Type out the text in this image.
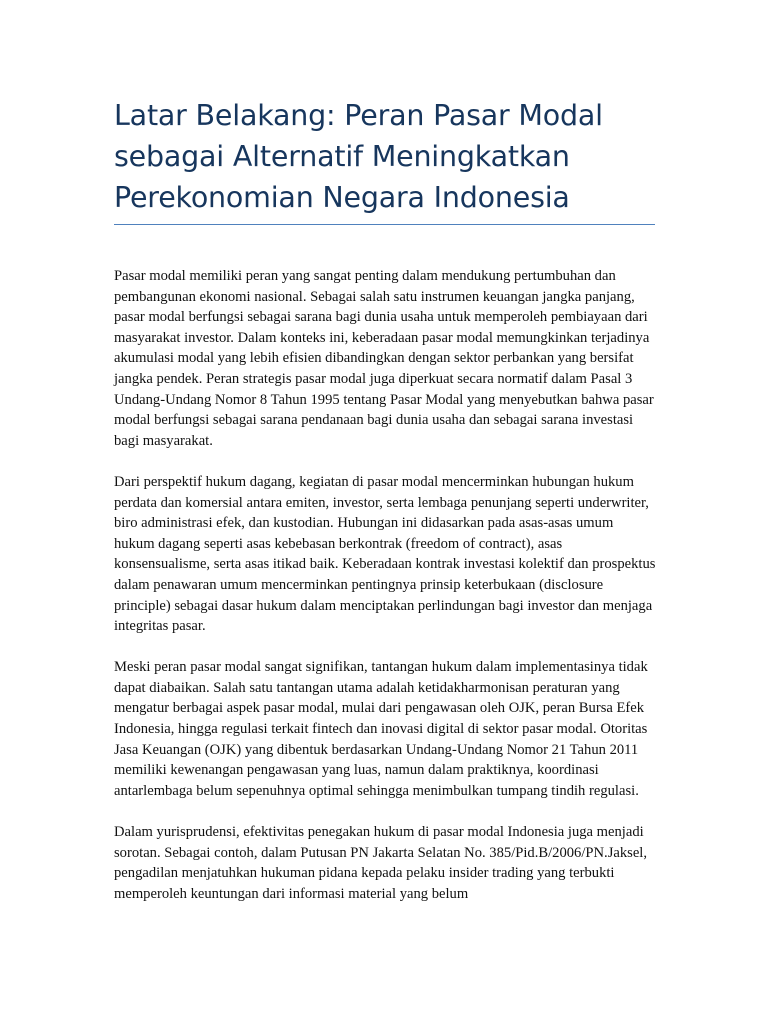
Latar Belakang: Peran Pasar Modal sebagai Alternatif Meningkatkan Perekonomian Negara Indonesia

Pasar modal memiliki peran yang sangat penting dalam mendukung pertumbuhan dan pembangunan ekonomi nasional. Sebagai salah satu instrumen keuangan jangka panjang, pasar modal berfungsi sebagai sarana bagi dunia usaha untuk memperoleh pembiayaan dari masyarakat investor. Dalam konteks ini, keberadaan pasar modal memungkinkan terjadinya akumulasi modal yang lebih efisien dibandingkan dengan sektor perbankan yang bersifat jangka pendek. Peran strategis pasar modal juga diperkuat secara normatif dalam Pasal 3 Undang-Undang Nomor 8 Tahun 1995 tentang Pasar Modal yang menyebutkan bahwa pasar modal berfungsi sebagai sarana pendanaan bagi dunia usaha dan sebagai sarana investasi bagi masyarakat.

Dari perspektif hukum dagang, kegiatan di pasar modal mencerminkan hubungan hukum perdata dan komersial antara emiten, investor, serta lembaga penunjang seperti underwriter, biro administrasi efek, dan kustodian. Hubungan ini didasarkan pada asas-asas umum hukum dagang seperti asas kebebasan berkontrak (freedom of contract), asas konsensualisme, serta asas itikad baik. Keberadaan kontrak investasi kolektif dan prospektus dalam penawaran umum mencerminkan pentingnya prinsip keterbukaan (disclosure principle) sebagai dasar hukum dalam menciptakan perlindungan bagi investor dan menjaga integritas pasar.

Meski peran pasar modal sangat signifikan, tantangan hukum dalam implementasinya tidak dapat diabaikan. Salah satu tantangan utama adalah ketidakharmonisan peraturan yang mengatur berbagai aspek pasar modal, mulai dari pengawasan oleh OJK, peran Bursa Efek Indonesia, hingga regulasi terkait fintech dan inovasi digital di sektor pasar modal. Otoritas Jasa Keuangan (OJK) yang dibentuk berdasarkan Undang-Undang Nomor 21 Tahun 2011 memiliki kewenangan pengawasan yang luas, namun dalam praktiknya, koordinasi antarlembaga belum sepenuhnya optimal sehingga menimbulkan tumpang tindih regulasi.

Dalam yurisprudensi, efektivitas penegakan hukum di pasar modal Indonesia juga menjadi sorotan. Sebagai contoh, dalam Putusan PN Jakarta Selatan No. 385/Pid.B/2006/PN.Jaksel, pengadilan menjatuhkan hukuman pidana kepada pelaku insider trading yang terbukti memperoleh keuntungan dari informasi material yang belum
